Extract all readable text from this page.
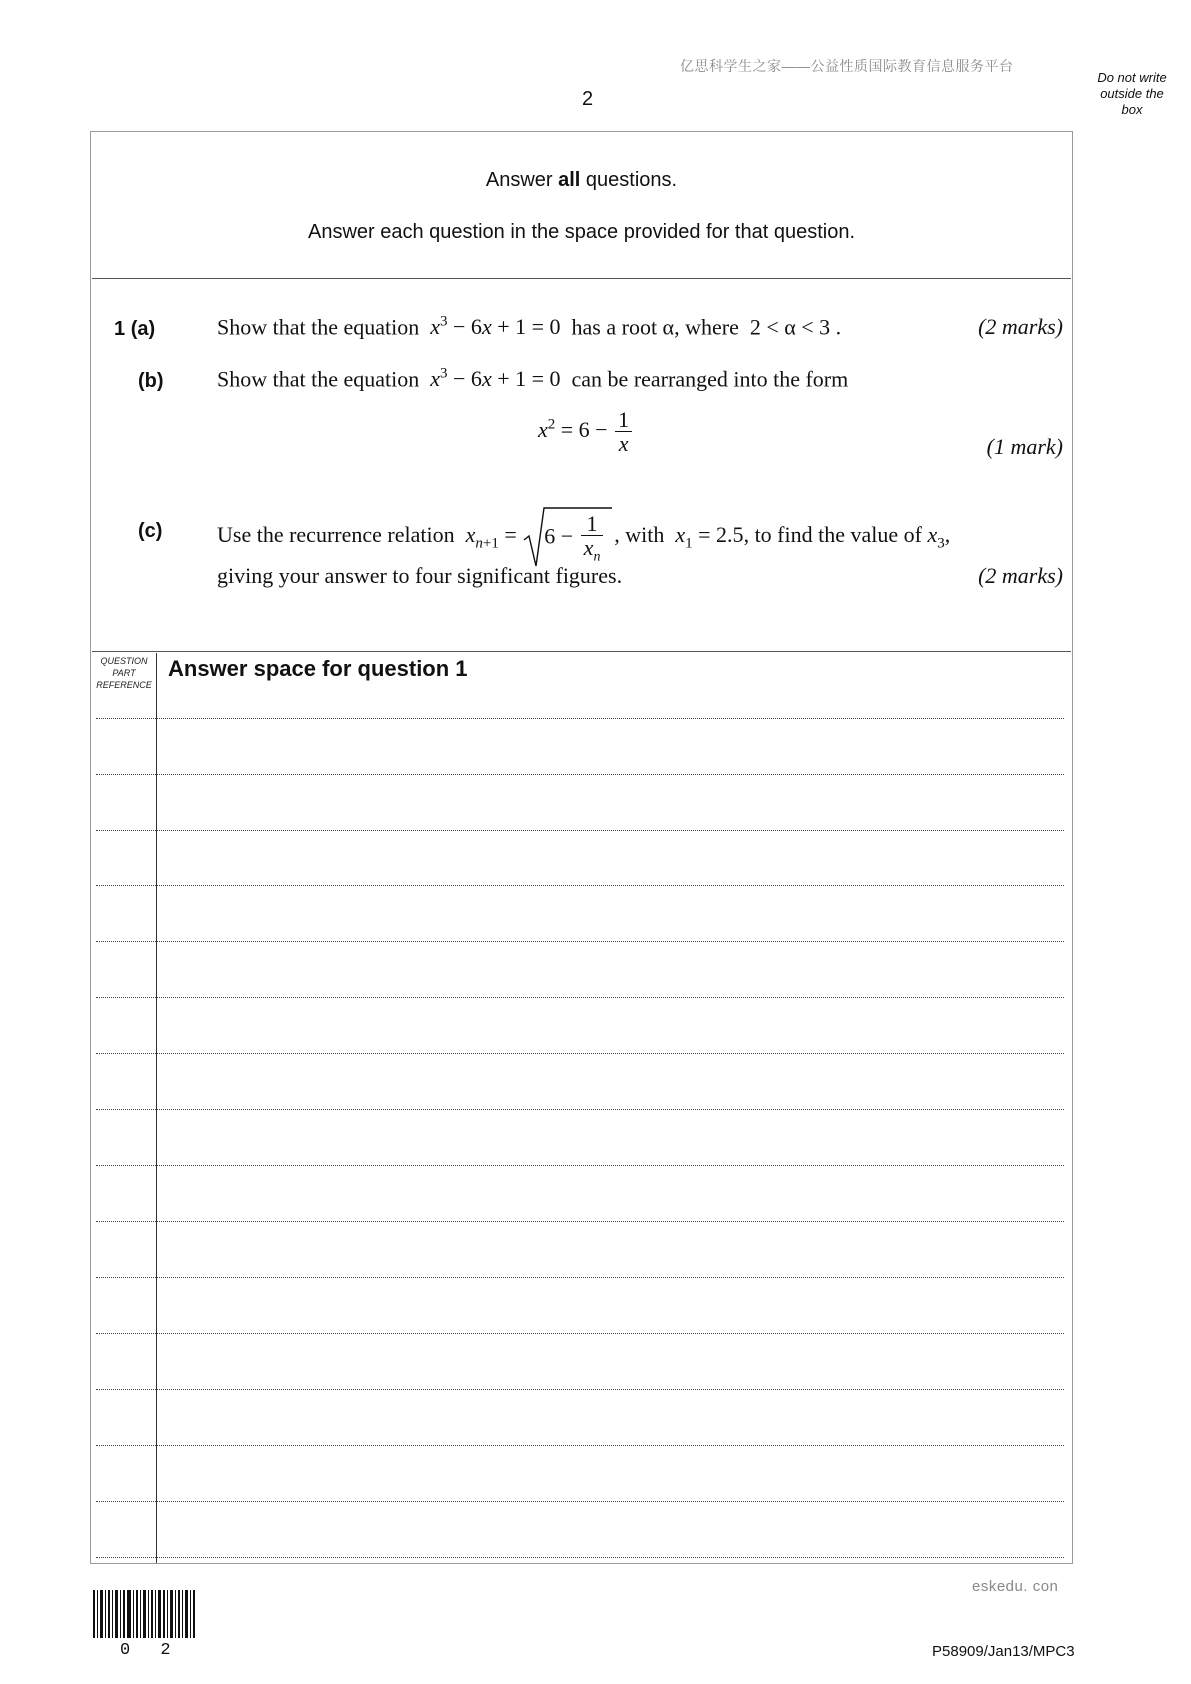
亿思科学生之家——公益性质国际教育信息服务平台
2
Do not write
outside the
box
Answer all questions.
Answer each question in the space provided for that question.
1 (a)	Show that the equation $x^3 - 6x + 1 = 0$ has a root α, where 2 < α < 3 .	(2 marks)
(b) Show that the equation $x^3 - 6x + 1 = 0$ can be rearranged into the form
$x^2 = 6 - \frac{1}{x}$	(1 mark)
(c) Use the recurrence relation $x_{n+1} = 6 - \frac{1}{x_n}$ , with $x_1 = 2.5$, to find the value of $x_3$,
giving your answer to four significant figures.	(2 marks)
QUESTION
PART
REFERENCE
Answer space for question 1
0 2
eskedu. con
P58909/Jan13/MPC3
